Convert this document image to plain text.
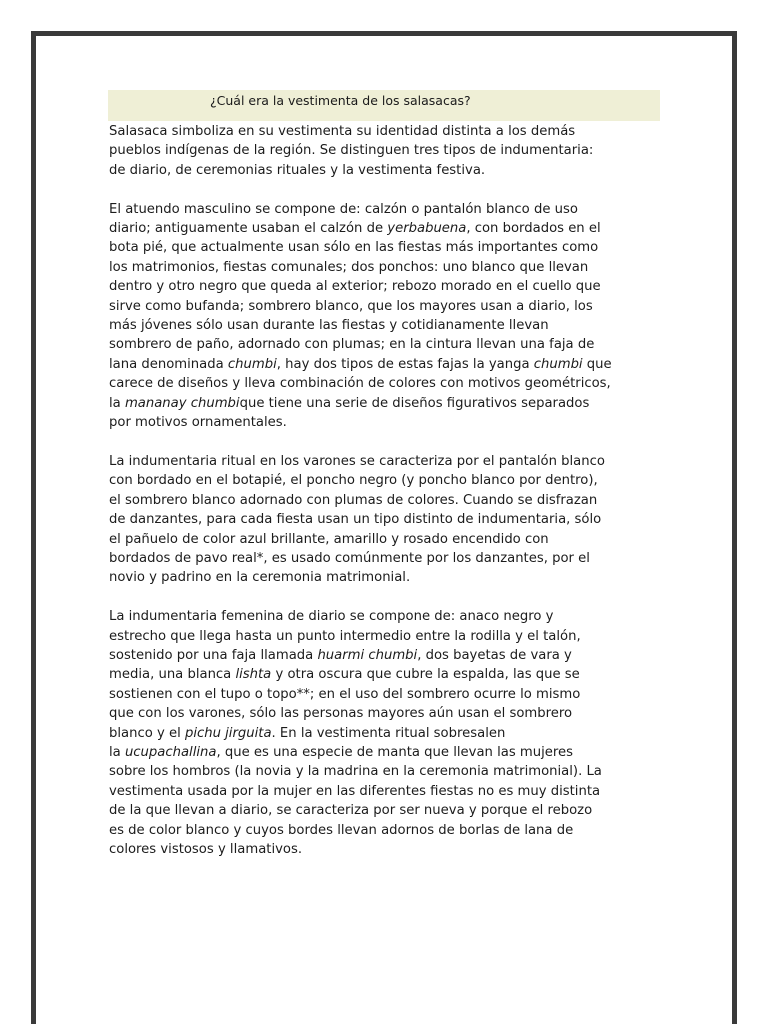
¿Cuál era la vestimenta de los salasacas?

Salasaca simboliza en su vestimenta su identidad distinta a los demás
pueblos indígenas de la región. Se distinguen tres tipos de indumentaria:
de diario, de ceremonias rituales y la vestimenta festiva.

El atuendo masculino se compone de: calzón o pantalón blanco de uso
diario; antiguamente usaban el calzón de yerbabuena, con bordados en el
bota pié, que actualmente usan sólo en las fiestas más importantes como
los matrimonios, fiestas comunales; dos ponchos: uno blanco que llevan
dentro y otro negro que queda al exterior; rebozo morado en el cuello que
sirve como bufanda; sombrero blanco, que los mayores usan a diario, los
más jóvenes sólo usan durante las fiestas y cotidianamente llevan
sombrero de paño, adornado con plumas; en la cintura llevan una faja de
lana denominada chumbi, hay dos tipos de estas fajas la yanga chumbi que
carece de diseños y lleva combinación de colores con motivos geométricos,
la mananay chumbique tiene una serie de diseños figurativos separados
por motivos ornamentales.

La indumentaria ritual en los varones se caracteriza por el pantalón blanco
con bordado en el botapié, el poncho negro (y poncho blanco por dentro),
el sombrero blanco adornado con plumas de colores. Cuando se disfrazan
de danzantes, para cada fiesta usan un tipo distinto de indumentaria, sólo
el pañuelo de color azul brillante, amarillo y rosado encendido con
bordados de pavo real*, es usado comúnmente por los danzantes, por el
novio y padrino en la ceremonia matrimonial.

La indumentaria femenina de diario se compone de: anaco negro y
estrecho que llega hasta un punto intermedio entre la rodilla y el talón,
sostenido por una faja llamada huarmi chumbi, dos bayetas de vara y
media, una blanca lishta y otra oscura que cubre la espalda, las que se
sostienen con el tupo o topo**; en el uso del sombrero ocurre lo mismo
que con los varones, sólo las personas mayores aún usan el sombrero
blanco y el pichu jirguita. En la vestimenta ritual sobresalen
la ucupachallina, que es una especie de manta que llevan las mujeres
sobre los hombros (la novia y la madrina en la ceremonia matrimonial). La
vestimenta usada por la mujer en las diferentes fiestas no es muy distinta
de la que llevan a diario, se caracteriza por ser nueva y porque el rebozo
es de color blanco y cuyos bordes llevan adornos de borlas de lana de
colores vistosos y llamativos.
